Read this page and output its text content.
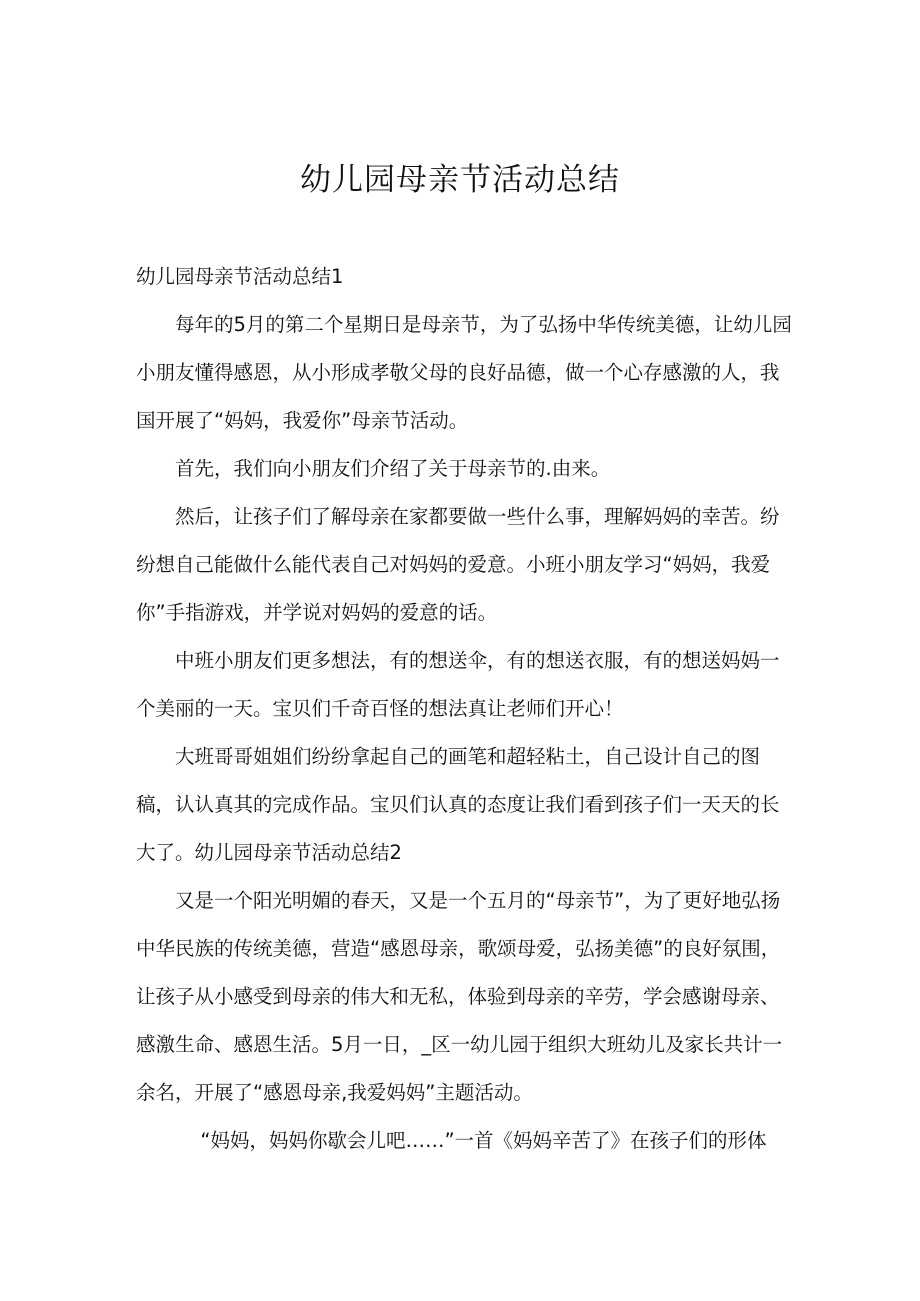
幼儿园母亲节活动总结

幼儿园母亲节活动总结1

每年的5月的第二个星期日是母亲节，为了弘扬中华传统美德，让幼儿园小朋友懂得感恩，从小形成孝敬父母的良好品德，做一个心存感激的人，我国开展了“妈妈，我爱你”母亲节活动。

首先，我们向小朋友们介绍了关于母亲节的.由来。

然后，让孩子们了解母亲在家都要做一些什么事，理解妈妈的幸苦。纷纷想自己能做什么能代表自己对妈妈的爱意。小班小朋友学习“妈妈，我爱你”手指游戏，并学说对妈妈的爱意的话。

中班小朋友们更多想法，有的想送伞，有的想送衣服，有的想送妈妈一个美丽的一天。宝贝们千奇百怪的想法真让老师们开心！

大班哥哥姐姐们纷纷拿起自己的画笔和超轻粘土，自己设计自己的图稿，认认真其的完成作品。宝贝们认真的态度让我们看到孩子们一天天的长大了。幼儿园母亲节活动总结2

又是一个阳光明媚的春天，又是一个五月的“母亲节”，为了更好地弘扬中华民族的传统美德，营造“感恩母亲，歌颂母爱，弘扬美德”的良好氛围，让孩子从小感受到母亲的伟大和无私，体验到母亲的辛劳，学会感谢母亲、感激生命、感恩生活。5月一日，_区一幼儿园于组织大班幼儿及家长共计一余名，开展了“感恩母亲,我爱妈妈”主题活动。

“妈妈，妈妈你歇会儿吧……”一首《妈妈辛苦了》在孩子们的形体
